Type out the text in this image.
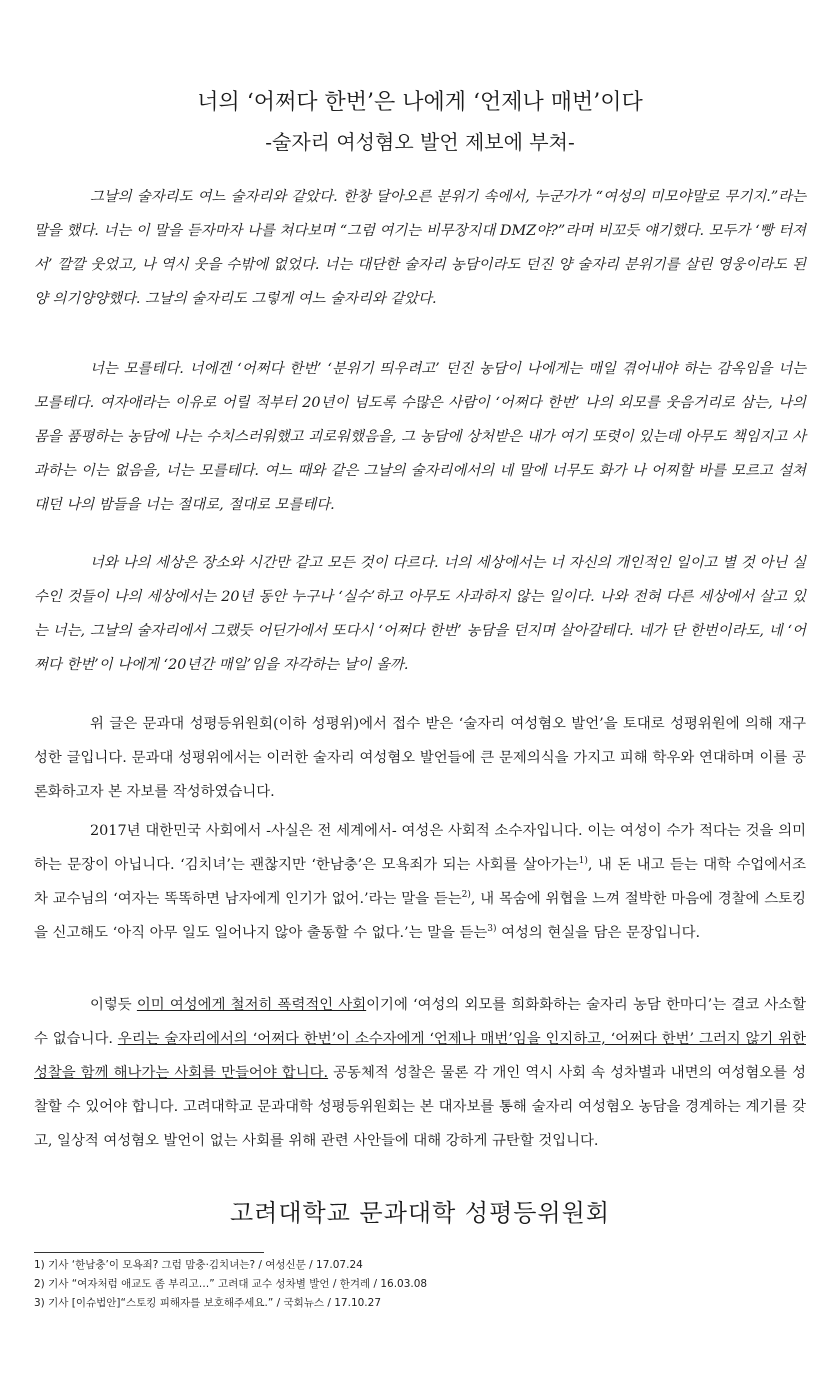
너의 ‘어쩌다 한번’은 나에게 ‘언제나 매번’이다
-술자리 여성혐오 발언 제보에 부쳐-

그날의 술자리도 여느 술자리와 같았다. 한창 달아오른 분위기 속에서, 누군가가 “여성의 미모야말로 무기지.”라는 말을 했다. 너는 이 말을 듣자마자 나를 쳐다보며 “그럼 여기는 비무장지대 DMZ야?”라며 비꼬듯 얘기했다. 모두가 ‘빵 터져서’ 깔깔 웃었고, 나 역시 웃을 수밖에 없었다. 너는 대단한 술자리 농담이라도 던진 양 술자리 분위기를 살린 영웅이라도 된 양 의기양양했다. 그날의 술자리도 그렇게 여느 술자리와 같았다.

너는 모를테다. 너에겐 ‘어쩌다 한번’ ‘분위기 띄우려고’ 던진 농담이 나에게는 매일 겪어내야 하는 감옥임을 너는 모를테다. 여자애라는 이유로 어릴 적부터 20년이 넘도록 수많은 사람이 ‘어쩌다 한번’ 나의 외모를 웃음거리로 삼는, 나의 몸을 품평하는 농담에 나는 수치스러워했고 괴로워했음을, 그 농담에 상처받은 내가 여기 또렷이 있는데 아무도 책임지고 사과하는 이는 없음을, 너는 모를테다. 여느 때와 같은 그날의 술자리에서의 네 말에 너무도 화가 나 어찌할 바를 모르고 설쳐대던 나의 밤들을 너는 절대로, 절대로 모를테다.

너와 나의 세상은 장소와 시간만 같고 모든 것이 다르다. 너의 세상에서는 너 자신의 개인적인 일이고 별 것 아닌 실수인 것들이 나의 세상에서는 20년 동안 누구나 ‘실수’하고 아무도 사과하지 않는 일이다. 나와 전혀 다른 세상에서 살고 있는 너는, 그날의 술자리에서 그랬듯 어딘가에서 또다시 ‘어쩌다 한번’ 농담을 던지며 살아갈테다. 네가 단 한번이라도, 네 ‘어쩌다 한번’이 나에게 ‘20년간 매일’임을 자각하는 날이 올까.

위 글은 문과대 성평등위원회(이하 성평위)에서 접수 받은 ‘술자리 여성혐오 발언’을 토대로 성평위원에 의해 재구성한 글입니다. 문과대 성평위에서는 이러한 술자리 여성혐오 발언들에 큰 문제의식을 가지고 피해 학우와 연대하며 이를 공론화하고자 본 자보를 작성하였습니다.

2017년 대한민국 사회에서 -사실은 전 세계에서- 여성은 사회적 소수자입니다. 이는 여성이 수가 적다는 것을 의미하는 문장이 아닙니다. ‘김치녀’는 괜찮지만 ‘한남충’은 모욕죄가 되는 사회를 살아가는$^{1)}$, 내 돈 내고 듣는 대학 수업에서조차 교수님의 ‘여자는 똑똑하면 남자에게 인기가 없어.’라는 말을 듣는$^{2)}$, 내 목숨에 위협을 느껴 절박한 마음에 경찰에 스토킹을 신고해도 ‘아직 아무 일도 일어나지 않아 출동할 수 없다.’는 말을 듣는$^{3)}$ 여성의 현실을 담은 문장입니다.

이렇듯 이미 여성에게 철저히 폭력적인 사회이기에 ‘여성의 외모를 희화화하는 술자리 농담 한마디’는 결코 사소할 수 없습니다. 우리는 술자리에서의 ‘어쩌다 한번’이 소수자에게 ‘언제나 매번’임을 인지하고, ‘어쩌다 한번’ 그러지 않기 위한 성찰을 함께 해나가는 사회를 만들어야 합니다. 공동체적 성찰은 물론 각 개인 역시 사회 속 성차별과 내면의 여성혐오를 성찰할 수 있어야 합니다. 고려대학교 문과대학 성평등위원회는 본 대자보를 통해 술자리 여성혐오 농담을 경계하는 계기를 갖고, 일상적 여성혐오 발언이 없는 사회를 위해 관련 사안들에 대해 강하게 규탄할 것입니다.

고려대학교 문과대학 성평등위원회
1) 기사 ‘한남충’이 모욕죄? 그럼 맘충·김치녀는? / 여성신문 / 17.07.24
2) 기사 “여자처럼 애교도 좀 부리고…” 고려대 교수 성차별 발언 / 한겨레 / 16.03.08
3) 기사 [이슈법안]“스토킹 피해자를 보호해주세요.” / 국회뉴스 / 17.10.27
